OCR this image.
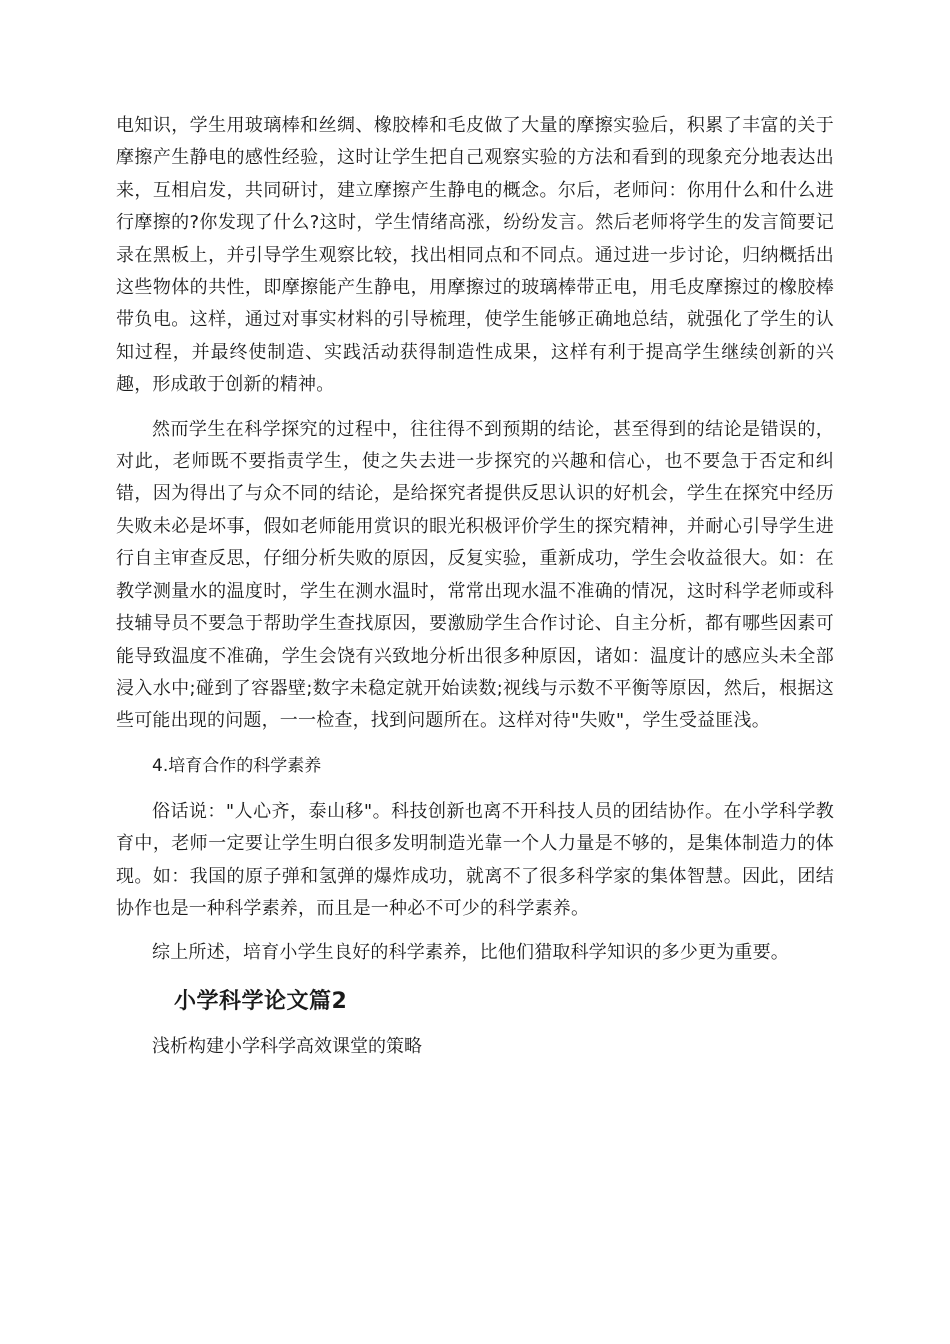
电知识，学生用玻璃棒和丝绸、橡胶棒和毛皮做了大量的摩擦实验后，积累了丰富的关于摩擦产生静电的感性经验，这时让学生把自己观察实验的方法和看到的现象充分地表达出来，互相启发，共同研讨，建立摩擦产生静电的概念。尔后，老师问：你用什么和什么进行摩擦的?你发现了什么?这时，学生情绪高涨，纷纷发言。然后老师将学生的发言简要记录在黑板上，并引导学生观察比较，找出相同点和不同点。通过进一步讨论，归纳概括出这些物体的共性，即摩擦能产生静电，用摩擦过的玻璃棒带正电，用毛皮摩擦过的橡胶棒带负电。这样，通过对事实材料的引导梳理，使学生能够正确地总结，就强化了学生的认知过程，并最终使制造、实践活动获得制造性成果，这样有利于提高学生继续创新的兴趣，形成敢于创新的精神。

然而学生在科学探究的过程中，往往得不到预期的结论，甚至得到的结论是错误的，对此，老师既不要指责学生，使之失去进一步探究的兴趣和信心，也不要急于否定和纠错，因为得出了与众不同的结论，是给探究者提供反思认识的好机会，学生在探究中经历失败未必是坏事，假如老师能用赏识的眼光积极评价学生的探究精神，并耐心引导学生进行自主审查反思，仔细分析失败的原因，反复实验，重新成功，学生会收益很大。如：在教学测量水的温度时，学生在测水温时，常常出现水温不准确的情况，这时科学老师或科技辅导员不要急于帮助学生查找原因，要激励学生合作讨论、自主分析，都有哪些因素可能导致温度不准确，学生会饶有兴致地分析出很多种原因，诸如：温度计的感应头未全部浸入水中;碰到了容器壁;数字未稳定就开始读数;视线与示数不平衡等原因，然后，根据这些可能出现的问题，一一检查，找到问题所在。这样对待"失败"，学生受益匪浅。

4.培育合作的科学素养

俗话说："人心齐，泰山移"。科技创新也离不开科技人员的团结协作。在小学科学教育中，老师一定要让学生明白很多发明制造光靠一个人力量是不够的，是集体制造力的体现。如：我国的原子弹和氢弹的爆炸成功，就离不了很多科学家的集体智慧。因此，团结协作也是一种科学素养，而且是一种必不可少的科学素养。

综上所述，培育小学生良好的科学素养，比他们猎取科学知识的多少更为重要。

小学科学论文篇2

浅析构建小学科学高效课堂的策略
